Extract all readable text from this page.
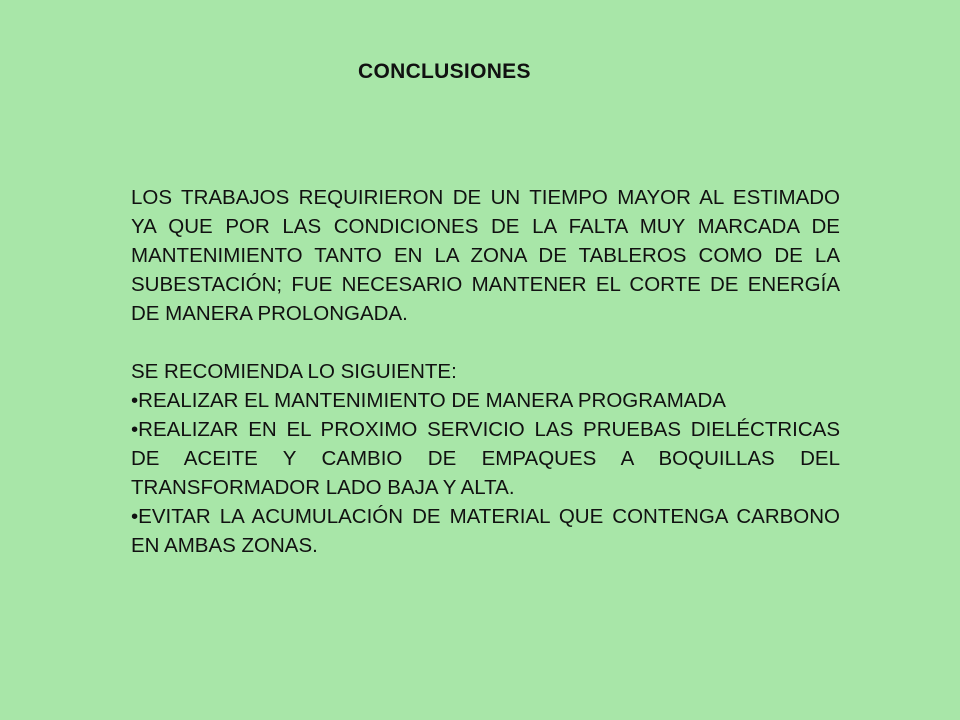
CONCLUSIONES

LOS TRABAJOS REQUIRIERON DE UN TIEMPO MAYOR AL ESTIMADO YA QUE POR LAS CONDICIONES DE LA FALTA MUY MARCADA DE MANTENIMIENTO TANTO EN LA ZONA DE TABLEROS COMO DE LA SUBESTACIÓN; FUE NECESARIO MANTENER EL CORTE DE ENERGÍA DE MANERA PROLONGADA.

SE RECOMIENDA LO SIGUIENTE:

•REALIZAR EL MANTENIMIENTO DE MANERA PROGRAMADA

•REALIZAR EN EL PROXIMO SERVICIO LAS PRUEBAS DIELÉCTRICAS DE ACEITE Y CAMBIO DE EMPAQUES A BOQUILLAS DEL TRANSFORMADOR LADO BAJA Y ALTA.

•EVITAR LA ACUMULACIÓN DE MATERIAL QUE CONTENGA CARBONO EN AMBAS ZONAS.
